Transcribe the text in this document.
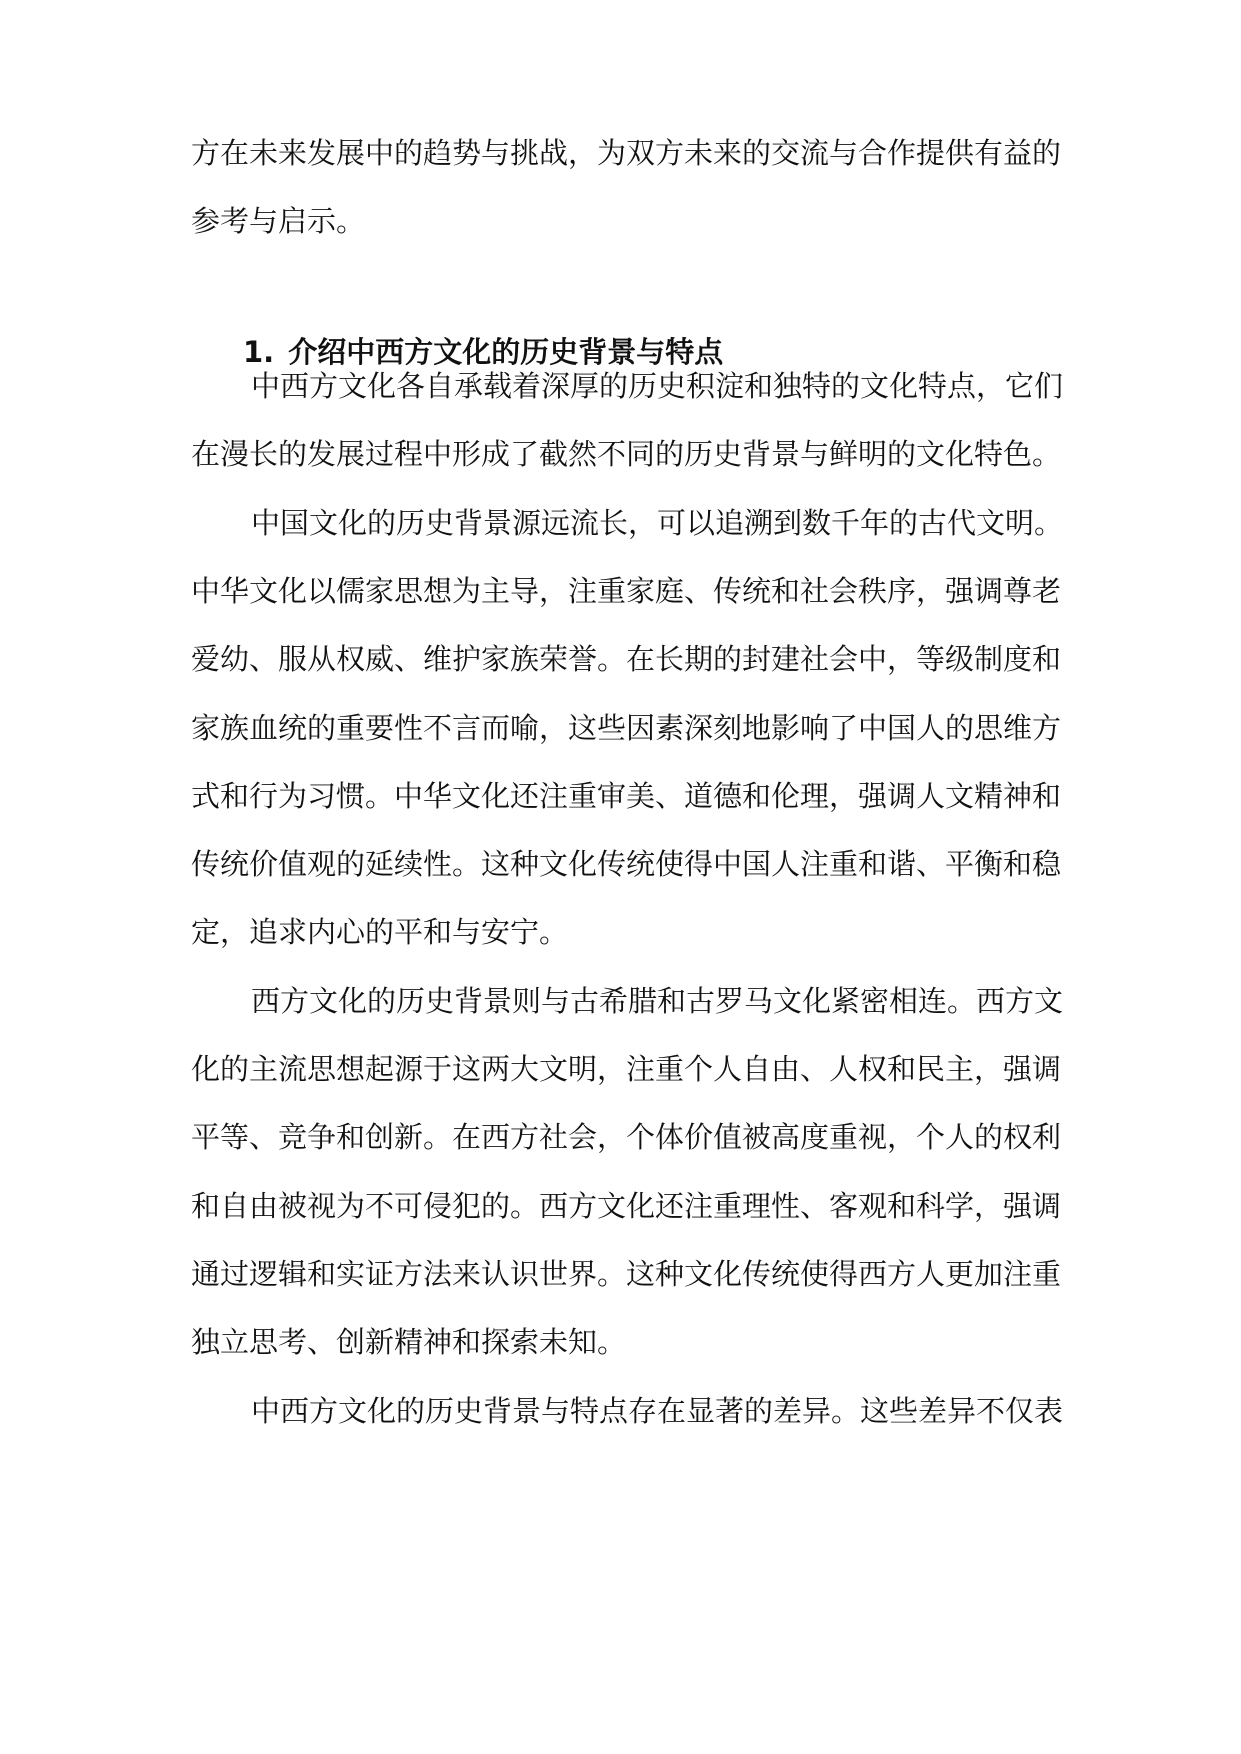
方在未来发展中的趋势与挑战，为双方未来的交流与合作提供有益的
参考与启示。
1. 介绍中西方文化的历史背景与特点
中西方文化各自承载着深厚的历史积淀和独特的文化特点，它们
在漫长的发展过程中形成了截然不同的历史背景与鲜明的文化特色。
中国文化的历史背景源远流长，可以追溯到数千年的古代文明。
中华文化以儒家思想为主导，注重家庭、传统和社会秩序，强调尊老
爱幼、服从权威、维护家族荣誉。在长期的封建社会中，等级制度和
家族血统的重要性不言而喻，这些因素深刻地影响了中国人的思维方
式和行为习惯。中华文化还注重审美、道德和伦理，强调人文精神和
传统价值观的延续性。这种文化传统使得中国人注重和谐、平衡和稳
定，追求内心的平和与安宁。
西方文化的历史背景则与古希腊和古罗马文化紧密相连。西方文
化的主流思想起源于这两大文明，注重个人自由、人权和民主，强调
平等、竞争和创新。在西方社会，个体价值被高度重视，个人的权利
和自由被视为不可侵犯的。西方文化还注重理性、客观和科学，强调
通过逻辑和实证方法来认识世界。这种文化传统使得西方人更加注重
独立思考、创新精神和探索未知。
中西方文化的历史背景与特点存在显著的差异。这些差异不仅表
